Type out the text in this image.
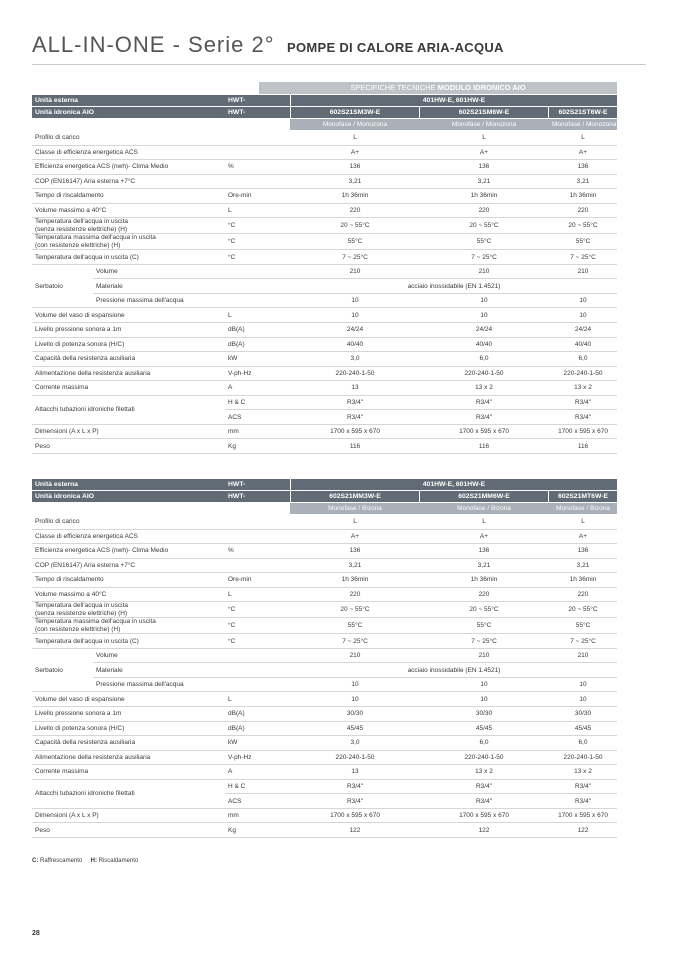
ALL-IN-ONE - Serie 2° POMPE DI CALORE ARIA-ACQUA
SPECIFICHE TECNICHE MODULO IDRONICO AIO
Unità esterna		HWT-		401HW-E, 601HW-E		
Unità idronica AIO		HWT-		602S21SM3W-E		602S21SM6W-E		602S21ST6W-E
			Monofase / Monozona		Monofase / Monozona		Monofase / Monozona
Profilo di carico			L		L		L
Classe di efficienza energetica ACS			A+		A+		A+
Efficienza energetica ACS (nwh)- Clima Medio		%		136		136		136
COP (EN16147) Aria esterna +7°C			3,21		3,21		3,21
Tempo di riscaldamento		Ore-min		1h 36min		1h 36min		1h 36min
Volume massimo a 40°C		L		220		220		220
Temperatura dell'acqua in uscita
(senza resistenze elettriche) (H)		°C		20 ~ 55°C		20 ~ 55°C		20 ~ 55°C
Temperatura massima dell'acqua in uscita
(con resistenze elettriche) (H)		°C		55°C		55°C		55°C
Temperatura dell'acqua in uscita (C)		°C		7 ~ 25°C		7 ~ 25°C		7 ~ 25°C
Serbatoio	Volume			210		210		210
	Materiale			acciaio inossidabile (EN 1.4521)		
	Pressione massima dell'acqua			10		10		10
Volume del vaso di espansione		L		10		10		10
Livello pressione sonora a 1m		dB(A)		24/24		24/24		24/24
Livello di potenza sonora (H/C)		dB(A)		40/40		40/40		40/40
Capacità della resistenza ausiliaria		kW		3,0		6,0		6,0
Alimentazione della resistenza ausiliaria		V-ph-Hz		220-240-1-50		220-240-1-50		220-240-1-50
Corrente massima		A		13		13 x 2		13 x 2
Attacchi tubazioni idroniche filettati		H & C		R3/4"		R3/4"		R3/4"
		ACS		R3/4"		R3/4"		R3/4"
Dimensioni (A x L x P)		mm		1700 x 595 x 670		1700 x 595 x 670		1700 x 595 x 670
Peso		Kg		116		116		116
Unità esterna		HWT-		401HW-E, 601HW-E		
Unità idronica AIO		HWT-		602S21MM3W-E		602S21MM6W-E		602S21MT6W-E
			Monofase / Bizona		Monofase / Bizona		Monofase / Bizona
Profilo di carico			L		L		L
Classe di efficienza energetica ACS			A+		A+		A+
Efficienza energetica ACS (nwh)- Clima Medio		%		136		136		136
COP (EN16147) Aria esterna +7°C			3,21		3,21		3,21
Tempo di riscaldamento		Ore-min		1h 36min		1h 36min		1h 36min
Volume massimo a 40°C		L		220		220		220
Temperatura dell'acqua in uscita
(senza resistenze elettriche) (H)		°C		20 ~ 55°C		20 ~ 55°C		20 ~ 55°C
Temperatura massima dell'acqua in uscita
(con resistenze elettriche) (H)		°C		55°C		55°C		55°C
Temperatura dell'acqua in uscita (C)		°C		7 ~ 25°C		7 ~ 25°C		7 ~ 25°C
Serbatoio	Volume			210		210		210
	Materiale			acciaio inossidabile (EN 1.4521)		
	Pressione massima dell'acqua			10		10		10
Volume del vaso di espansione		L		10		10		10
Livello pressione sonora a 1m		dB(A)		30/30		30/30		30/30
Livello di potenza sonora (H/C)		dB(A)		45/45		45/45		45/45
Capacità della resistenza ausiliaria		kW		3,0		6,0		6,0
Alimentazione della resistenza ausiliaria		V-ph-Hz		220-240-1-50		220-240-1-50		220-240-1-50
Corrente massima		A		13		13 x 2		13 x 2
Attacchi tubazioni idroniche filettati		H & C		R3/4"		R3/4"		R3/4"
		ACS		R3/4"		R3/4"		R3/4"
Dimensioni (A x L x P)		mm		1700 x 595 x 670		1700 x 595 x 670		1700 x 595 x 670
Peso		Kg		122		122		122
C: Raffrescamento H: Riscaldamento
28
